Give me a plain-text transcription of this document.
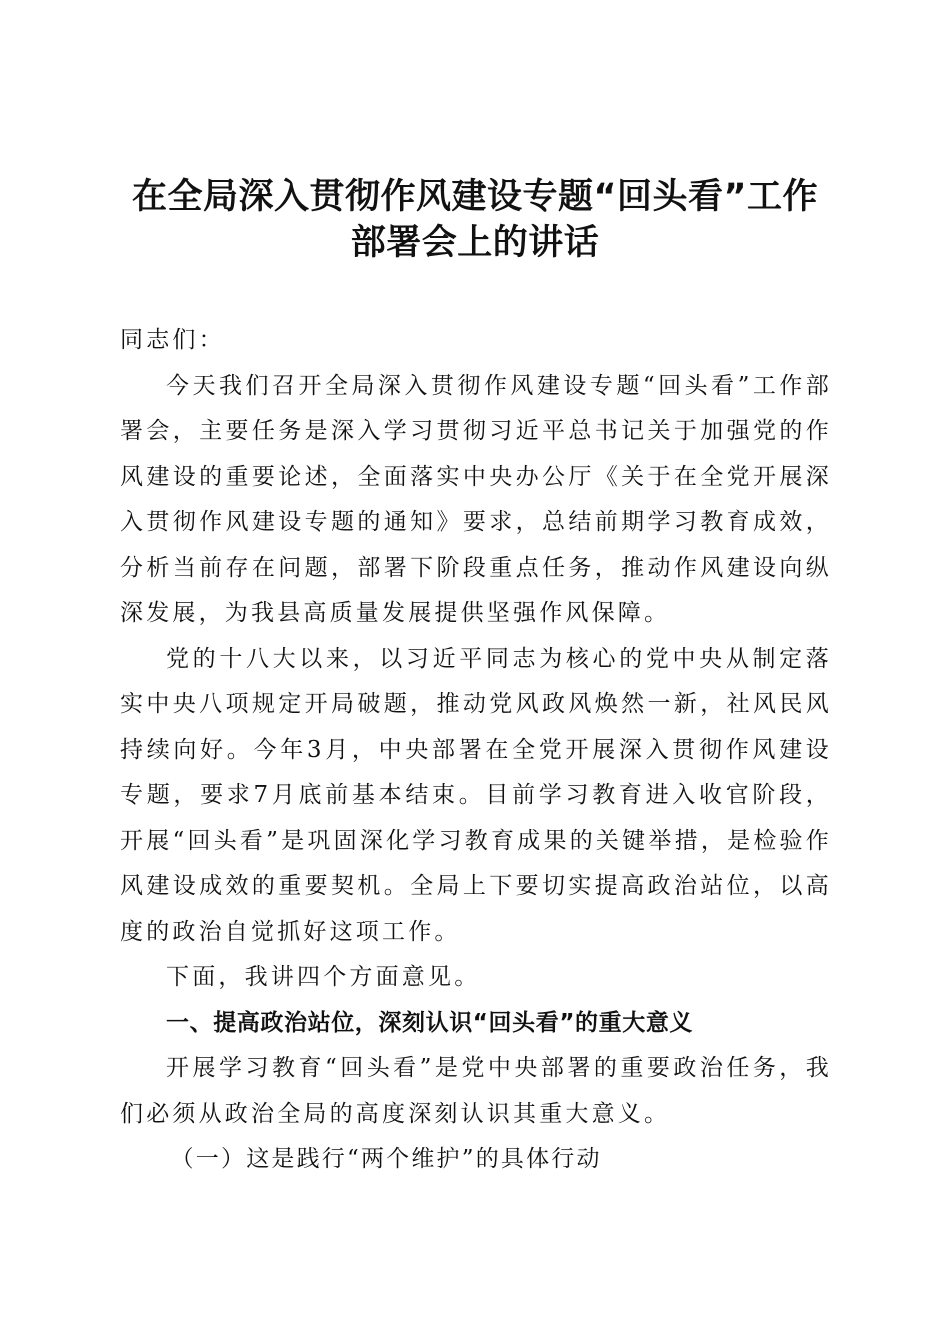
在全局深入贯彻作风建设专题“回头看”工作
部署会上的讲话

同志们：

今天我们召开全局深入贯彻作风建设专题“回头看”工作部署会，主要任务是深入学习贯彻习近平总书记关于加强党的作风建设的重要论述，全面落实中央办公厅《关于在全党开展深入贯彻作风建设专题的通知》要求，总结前期学习教育成效，分析当前存在问题，部署下阶段重点任务，推动作风建设向纵深发展，为我县高质量发展提供坚强作风保障。

党的十八大以来，以习近平同志为核心的党中央从制定落实中央八项规定开局破题，推动党风政风焕然一新，社风民风持续向好。今年3月，中央部署在全党开展深入贯彻作风建设专题，要求7月底前基本结束。目前学习教育进入收官阶段，开展“回头看”是巩固深化学习教育成果的关键举措，是检验作风建设成效的重要契机。全局上下要切实提高政治站位，以高度的政治自觉抓好这项工作。

下面，我讲四个方面意见。

一、提高政治站位，深刻认识“回头看”的重大意义

开展学习教育“回头看”是党中央部署的重要政治任务，我们必须从政治全局的高度深刻认识其重大意义。

（一）这是践行“两个维护”的具体行动
